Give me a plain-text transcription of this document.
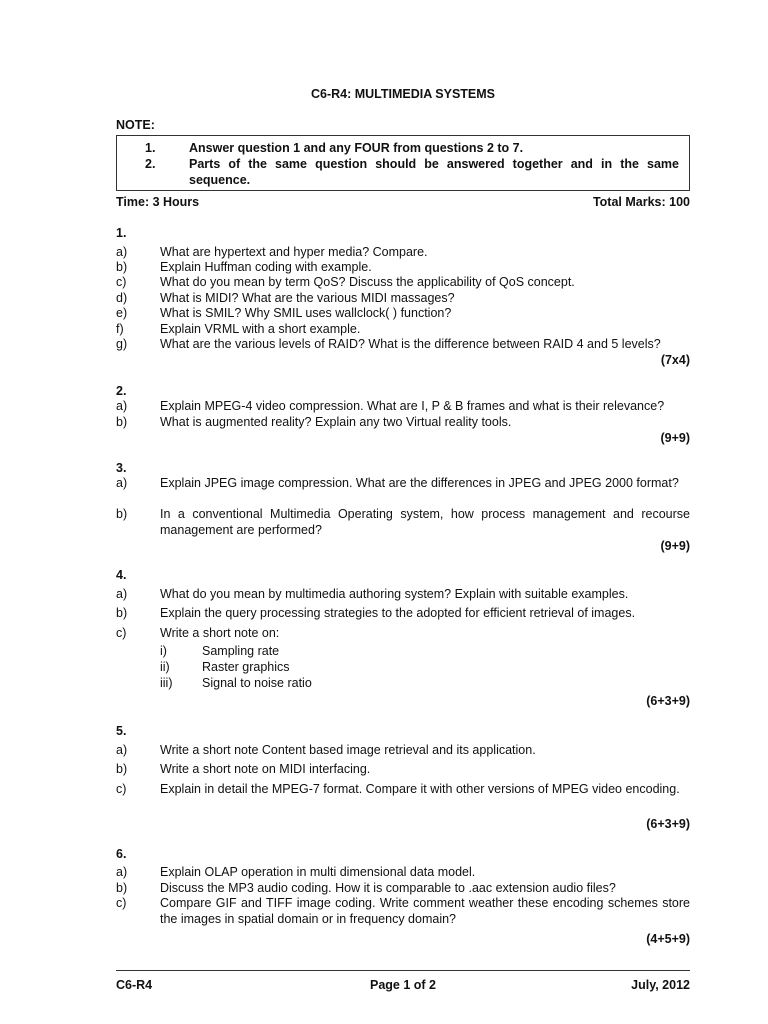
C6-R4: MULTIMEDIA SYSTEMS
NOTE:
1.	Answer question 1 and any FOUR from questions 2 to 7.
2.	Parts of the same question should be answered together and in the same sequence.
Time: 3 Hours	Total Marks: 100
1.
a)	What are hypertext and hyper media? Compare.
b)	Explain Huffman coding with example.
c)	What do you mean by term QoS? Discuss the applicability of QoS concept.
d)	What is MIDI? What are the various MIDI massages?
e)	What is SMIL? Why SMIL uses wallclock( ) function?
f)	Explain VRML with a short example.
g)	What are the various levels of RAID? What is the difference between RAID 4 and 5 levels?
(7x4)
2.
a)	Explain MPEG-4 video compression. What are I, P & B frames and what is their relevance?
b)	What is augmented reality? Explain any two Virtual reality tools.
(9+9)
3.
a)	Explain JPEG image compression. What are the differences in JPEG and JPEG 2000 format?
b)	In a conventional Multimedia Operating system, how process management and recourse management are performed?
(9+9)
4.
a)	What do you mean by multimedia authoring system? Explain with suitable examples.
b)	Explain the query processing strategies to the adopted for efficient retrieval of images.
c)	Write a short note on:
i)	Sampling rate
ii)	Raster graphics
iii) Signal to noise ratio
(6+3+9)
5.
a)	Write a short note Content based image retrieval and its application.
b)	Write a short note on MIDI interfacing.
c)	Explain in detail the MPEG-7 format. Compare it with other versions of MPEG video encoding.
(6+3+9)
6.
a)	Explain OLAP operation in multi dimensional data model.
b)	Discuss the MP3 audio coding. How it is comparable to .aac extension audio files?
c)	Compare GIF and TIFF image coding. Write comment weather these encoding schemes store the images in spatial domain or in frequency domain?
(4+5+9)
C6-R4	Page 1 of 2	July, 2012
